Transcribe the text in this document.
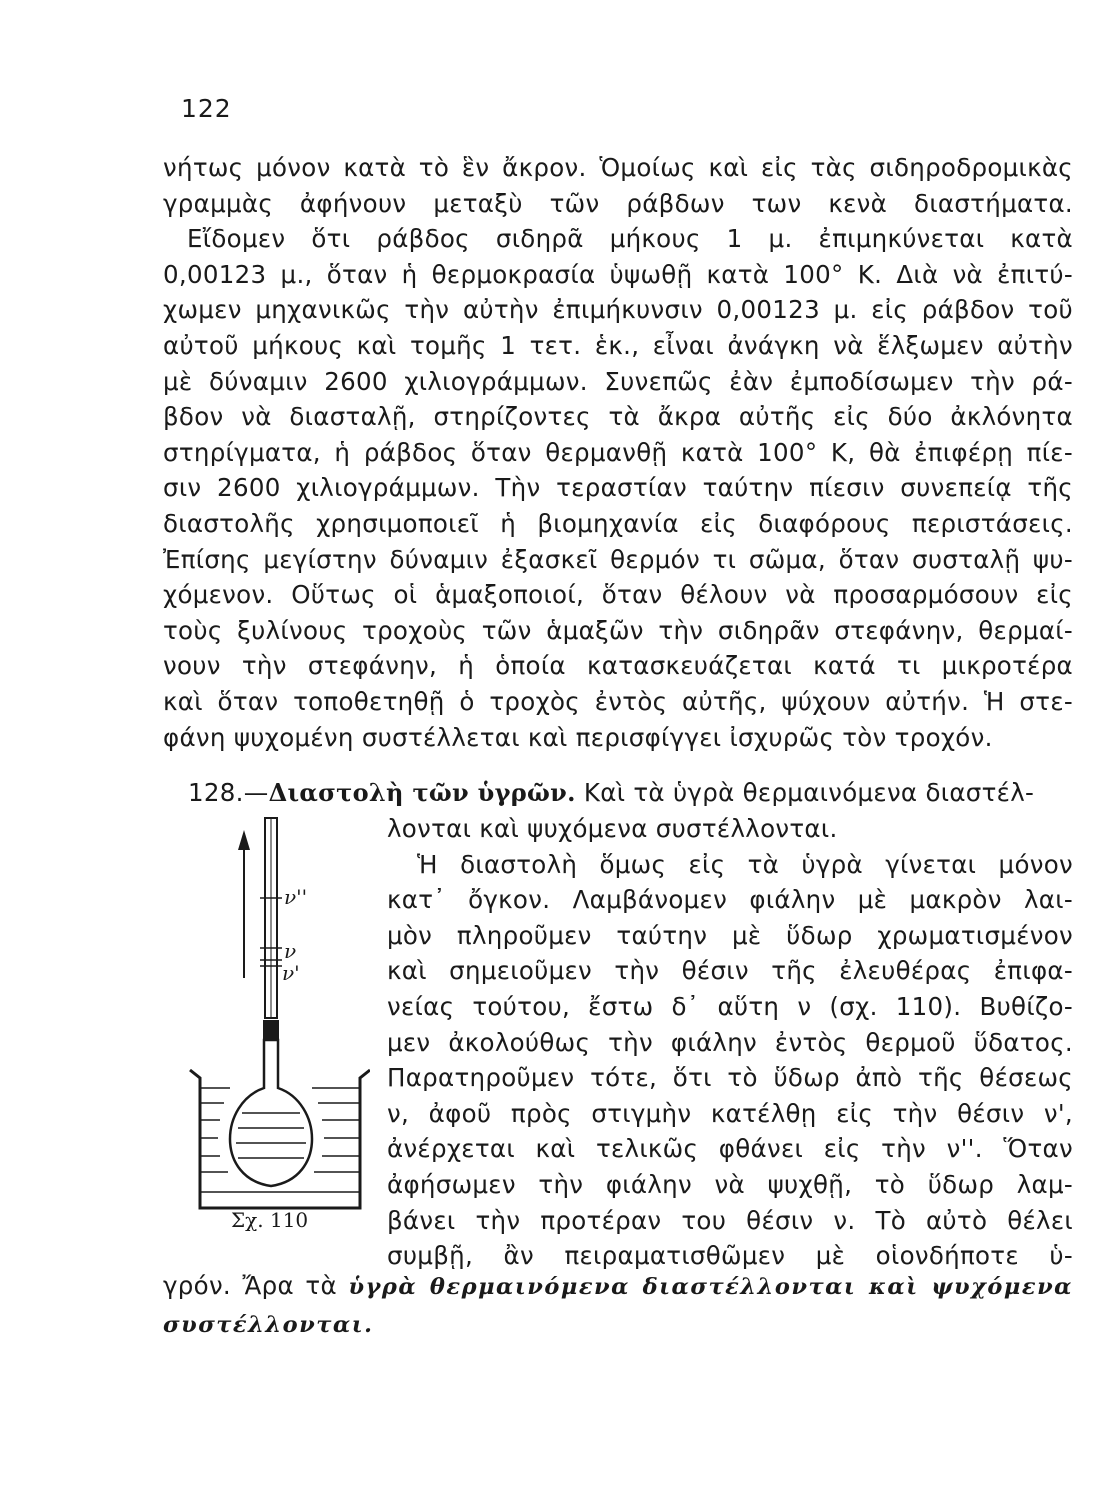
122
νήτως μόνον κατὰ τὸ ἓν ἄκρον. Ὁμοίως καὶ εἰς τὰς σιδηροδρομικὰς
γραμμὰς ἀφήνουν μεταξὺ τῶν ράβδων των κενὰ διαστήματα.
Εἴδομεν ὅτι ράβδος σιδηρᾶ μήκους 1 μ. ἐπιμηκύνεται κατὰ
0,00123 μ., ὅταν ἡ θερμοκρασία ὑψωθῇ κατὰ 100° Κ. Διὰ νὰ ἐπιτύ-
χωμεν μηχανικῶς τὴν αὐτὴν ἐπιμήκυνσιν 0,00123 μ. εἰς ράβδον τοῦ
αὐτοῦ μήκους καὶ τομῆς 1 τετ. ἑκ., εἶναι ἀνάγκη νὰ ἕλξωμεν αὐτὴν
μὲ δύναμιν 2600 χιλιογράμμων. Συνεπῶς ἐὰν ἐμποδίσωμεν τὴν ρά-
βδον νὰ διασταλῇ, στηρίζοντες τὰ ἄκρα αὐτῆς εἰς δύο ἀκλόνητα
στηρίγματα, ἡ ράβδος ὅταν θερμανθῇ κατὰ 100° Κ, θὰ ἐπιφέρῃ πίε-
σιν 2600 χιλιογράμμων. Τὴν τεραστίαν ταύτην πίεσιν συνεπείᾳ τῆς
διαστολῆς χρησιμοποιεῖ ἡ βιομηχανία εἰς διαφόρους περιστάσεις.
Ἐπίσης μεγίστην δύναμιν ἐξασκεῖ θερμόν τι σῶμα, ὅταν συσταλῇ ψυ-
χόμενον. Οὕτως οἱ ἁμαξοποιοί, ὅταν θέλουν νὰ προσαρμόσουν εἰς
τοὺς ξυλίνους τροχοὺς τῶν ἁμαξῶν τὴν σιδηρᾶν στεφάνην, θερμαί-
νουν τὴν στεφάνην, ἡ ὁποία κατασκευάζεται κατά τι μικροτέρα
καὶ ὅταν τοποθετηθῇ ὁ τροχὸς ἐντὸς αὐτῆς, ψύχουν αὐτήν. Ἡ στε-
φάνη ψυχομένη συστέλλεται καὶ περισφίγγει ἰσχυρῶς τὸν τροχόν.
128.—Διαστολὴ τῶν ὑγρῶν. Καὶ τὰ ὑγρὰ θερμαινόμενα διαστέλ-
λονται καὶ ψυχόμενα συστέλλονται.
Ἡ διαστολὴ ὅμως εἰς τὰ ὑγρὰ γίνεται μόνον
κατ᾽ ὄγκον. Λαμβάνομεν φιάλην μὲ μακρὸν λαι-
μὸν πληροῦμεν ταύτην μὲ ὕδωρ χρωματισμένον
καὶ σημειοῦμεν τὴν θέσιν τῆς ἐλευθέρας ἐπιφα-
νείας τούτου, ἔστω δ᾽ αὕτη ν (σχ. 110). Βυθίζο-
μεν ἀκολούθως τὴν φιάλην ἐντὸς θερμοῦ ὕδατος.
Παρατηροῦμεν τότε, ὅτι τὸ ὕδωρ ἀπὸ τῆς θέσεως
ν, ἀφοῦ πρὸς στιγμὴν κατέλθῃ εἰς τὴν θέσιν ν',
ἀνέρχεται καὶ τελικῶς φθάνει εἰς τὴν ν''. Ὅταν
ἀφήσωμεν τὴν φιάλην νὰ ψυχθῇ, τὸ ὕδωρ λαμ-
βάνει τὴν προτέραν του θέσιν ν. Τὸ αὐτὸ θέλει
συμβῇ, ἂν πειραματισθῶμεν μὲ οἱονδήποτε ὑ-
ν''
ν
ν'
Σχ. 110
γρόν. Ἄρα τὰ ὑγρὰ θερμαινόμενα διαστέλλονται καὶ ψυχόμενα
συστέλλονται.
